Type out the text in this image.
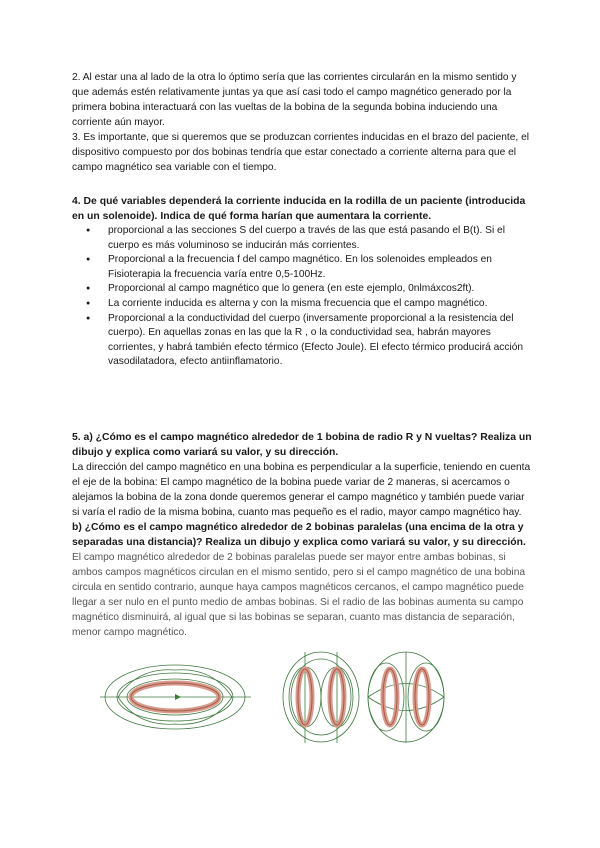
2. Al estar una al lado de la otra lo óptimo sería que las corrientes circularán en la mismo sentido y que además estén relativamente juntas ya que así casi todo el campo magnético generado por la primera bobina interactuará con las vueltas de la bobina de la segunda bobina induciendo una corriente aún mayor.

3. Es importante, que si queremos que se produzcan corrientes inducidas en el brazo del paciente, el dispositivo compuesto por dos bobinas tendría que estar conectado a corriente alterna para que el campo magnético sea variable con el tiempo.

4. De qué variables dependerá la corriente inducida en la rodilla de un paciente (introducida en un solenoide). Indica de qué forma harían que aumentara la corriente.

● proporcional a las secciones S del cuerpo a través de las que está pasando el B(t). Si el cuerpo es más voluminoso se inducirán más corrientes.
● Proporcional a la frecuencia f del campo magnético. En los solenoides empleados en Fisioterapia la frecuencia varía entre 0,5-100Hz.
● Proporcional al campo magnético que lo genera (en este ejemplo, 0nlmáxcos2ft).
● La corriente inducida es alterna y con la misma frecuencia que el campo magnético.
● Proporcional a la conductividad del cuerpo (inversamente proporcional a la resistencia del cuerpo). En aquellas zonas en las que la R , o la conductividad sea, habrán mayores corrientes, y habrá también efecto térmico (Efecto Joule). El efecto térmico producirá acción vasodilatadora, efecto antiinflamatorio.

5. a) ¿Cómo es el campo magnético alrededor de 1 bobina de radio R y N vueltas? Realiza un dibujo y explica como variará su valor, y su dirección.

La dirección del campo magnético en una bobina es perpendicular a la superficie, teniendo en cuenta el eje de la bobina: El campo magnético de la bobina puede variar de 2 maneras, si acercamos o alejamos la bobina de la zona donde queremos generar el campo magnético y también puede variar si varía el radio de la misma bobina, cuanto mas pequeño es el radio, mayor campo magnético hay.

b) ¿Cómo es el campo magnético alrededor de 2 bobinas paralelas (una encima de la otra y separadas una distancia)? Realiza un dibujo y explica como variará su valor, y su dirección.

El campo magnético alrededor de 2 bobinas paralelas puede ser mayor entre ambas bobinas, si ambos campos magnéticos circulan en el mismo sentido, pero si el campo magnético de una bobina circula en sentido contrario, aunque haya campos magnéticos cercanos, el campo magnético puede llegar a ser nulo en el punto medio de ambas bobinas. Si el radio de las bobinas aumenta su campo magnético disminuirá, al igual que si las bobinas se separan, cuanto mas distancia de separación, menor campo magnético.
